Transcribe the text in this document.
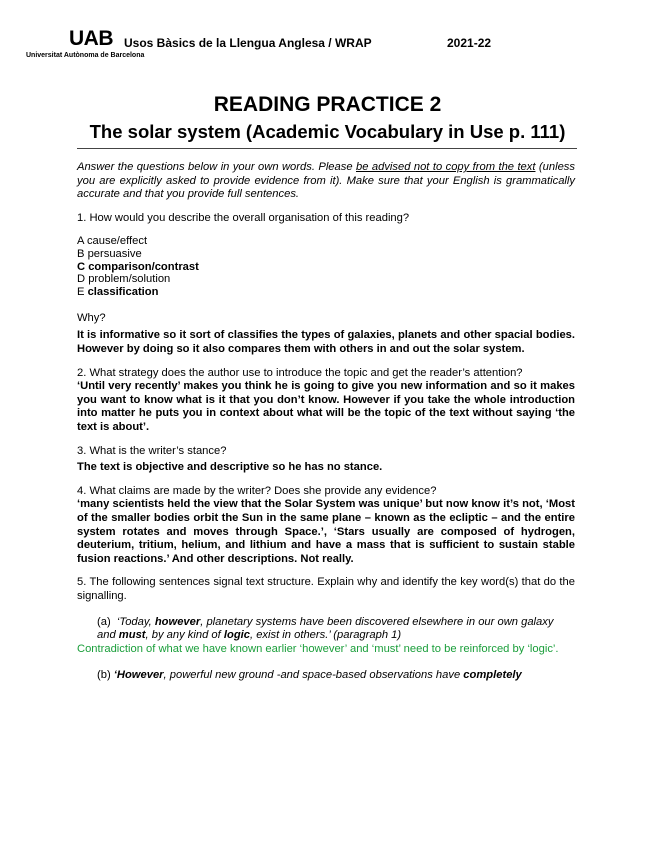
UAB
Universitat Autònoma de Barcelona
Usos Bàsics de la Llengua Anglesa / WRAP	2021-22
READING PRACTICE 2
The solar system (Academic Vocabulary in Use p. 111)

Answer the questions below in your own words. Please be advised not to copy from the text (unless you are explicitly asked to provide evidence from it). Make sure that your English is grammatically accurate and that you provide full sentences.

1. How would you describe the overall organisation of this reading?

A cause/effect
B persuasive
C comparison/contrast
D problem/solution
E classification

Why?

It is informative so it sort of classifies the types of galaxies, planets and other spacial bodies. However by doing so it also compares them with others in and out the solar system.

2. What strategy does the author use to introduce the topic and get the reader’s attention?

‘Until very recently’ makes you think he is going to give you new information and so it makes you want to know what is it that you don’t know. However if you take the whole introduction into matter he puts you in context about what will be the topic of the text without saying ‘the text is about’.

3. What is the writer’s stance?

The text is objective and descriptive so he has no stance.

4. What claims are made by the writer? Does she provide any evidence?

‘many scientists held the view that the Solar System was unique’ but now know it’s not, ‘Most of the smaller bodies orbit the Sun in the same plane – known as the ecliptic – and the entire system rotates and moves through Space.’, ‘Stars usually are composed of hydrogen, deuterium, tritium, helium, and lithium and have a mass that is sufficient to sustain stable fusion reactions.’ And other descriptions. Not really.

5. The following sentences signal text structure. Explain why and identify the key word(s) that do the signalling.

(a) ‘Today, however, planetary systems have been discovered elsewhere in our own galaxy and must, by any kind of logic, exist in others.’ (paragraph 1)

Contradiction of what we have known earlier ‘however’ and ‘must’ need to be reinforced by ‘logic’.

(b) ‘However, powerful new ground -and space-based observations have completely
